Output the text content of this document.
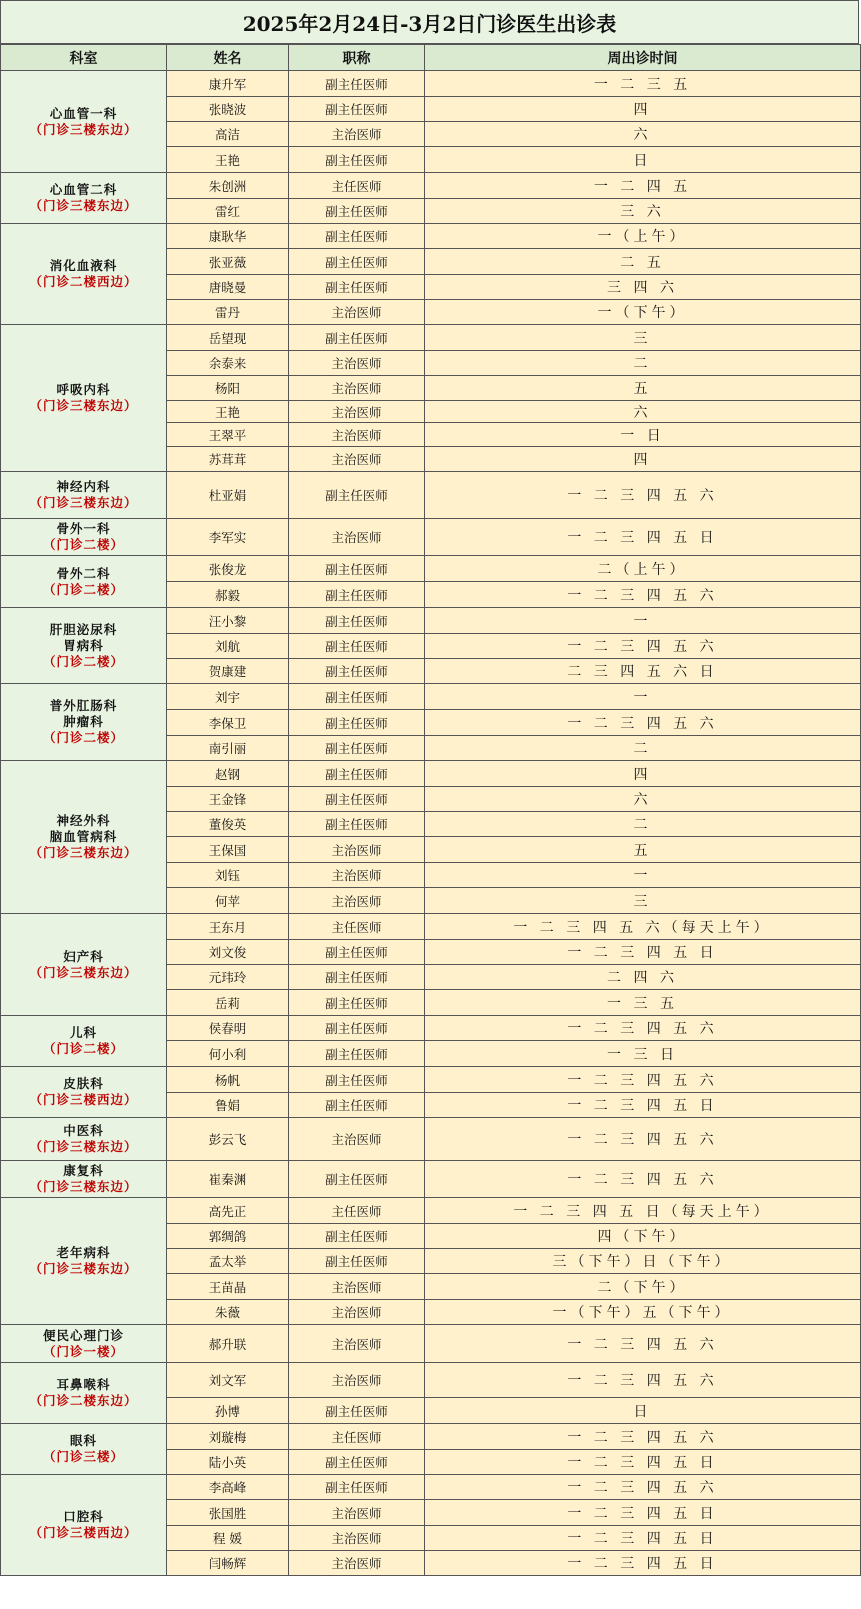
2025年2月24日-3月2日门诊医生出诊表
科室	姓名	职称	周出诊时间

心血管一科
（门诊三楼东边）	康升军	副主任医师	一 二 三 五
	张晓波	副主任医师	四
	高洁	主治医师	六
	王艳	副主任医师	日

心血管二科
（门诊三楼东边）	朱创洲	主任医师	一 二 四 五
	雷红	副主任医师	三 六

消化血液科
（门诊二楼西边）	康耿华	副主任医师	一（上午）
	张亚薇	副主任医师	二 五
	唐晓曼	副主任医师	三 四 六
	雷丹	主治医师	一（下午）

呼吸内科
（门诊三楼东边）	岳望现	副主任医师	三
	余泰来	主治医师	二
	杨阳	主治医师	五
	王艳	主治医师	六
	王翠平	主治医师	一 日
	苏茸茸	主治医师	四

神经内科
（门诊三楼东边）	杜亚娟	副主任医师	一 二 三 四 五 六

骨外一科
（门诊二楼）	李军实	主治医师	一 二 三 四 五 日

骨外二科
（门诊二楼）	张俊龙	副主任医师	二（上午）
	郝毅	副主任医师	一 二 三 四 五 六

肝胆泌尿科
胃病科
（门诊二楼）	汪小黎	副主任医师	一
	刘航	副主任医师	一 二 三 四 五 六
	贺康建	副主任医师	二 三 四 五 六 日

普外肛肠科
肿瘤科
（门诊二楼）	刘宇	副主任医师	一
	李保卫	副主任医师	一 二 三 四 五 六
	南引丽	副主任医师	二

神经外科
脑血管病科
（门诊三楼东边）	赵钢	副主任医师	四
	王金锋	副主任医师	六
	董俊英	副主任医师	二
	王保国	主治医师	五
	刘钰	主治医师	一
	何苹	主治医师	三

妇产科
（门诊三楼东边）	王东月	主任医师	一 二 三 四 五 六（每天上午）
	刘文俊	副主任医师	一 二 三 四 五 日
	元玮玲	副主任医师	二 四 六
	岳莉	副主任医师	一 三 五

儿科
（门诊二楼）	侯春明	副主任医师	一 二 三 四 五 六
	何小利	副主任医师	一 三 日

皮肤科
（门诊三楼西边）	杨帆	副主任医师	一 二 三 四 五 六
	鲁娟	副主任医师	一 二 三 四 五 日

中医科
（门诊三楼东边）	彭云飞	主治医师	一 二 三 四 五 六

康复科
（门诊三楼东边）	崔秦渊	副主任医师	一 二 三 四 五 六

老年病科
（门诊三楼东边）	高先正	主任医师	一 二 三 四 五 日（每天上午）
	郭绸鸽	副主任医师	四（下午）
	孟太举	副主任医师	三（下午）日（下午）
	王苗晶	主治医师	二（下午）
	朱薇	主治医师	一（下午）五（下午）

便民心理门诊
（门诊一楼）	郝升联	主治医师	一 二 三 四 五 六

耳鼻喉科
（门诊二楼东边）	刘文军	主治医师	一 二 三 四 五 六
	孙博	副主任医师	日

眼科
（门诊三楼）	刘璇梅	主任医师	一 二 三 四 五 六
	陆小英	副主任医师	一 二 三 四 五 日

口腔科
（门诊三楼西边）	李高峰	副主任医师	一 二 三 四 五 六
	张国胜	主治医师	一 二 三 四 五 日
	程 媛	主治医师	一 二 三 四 五 日
	闫畅辉	主治医师	一 二 三 四 五 日
